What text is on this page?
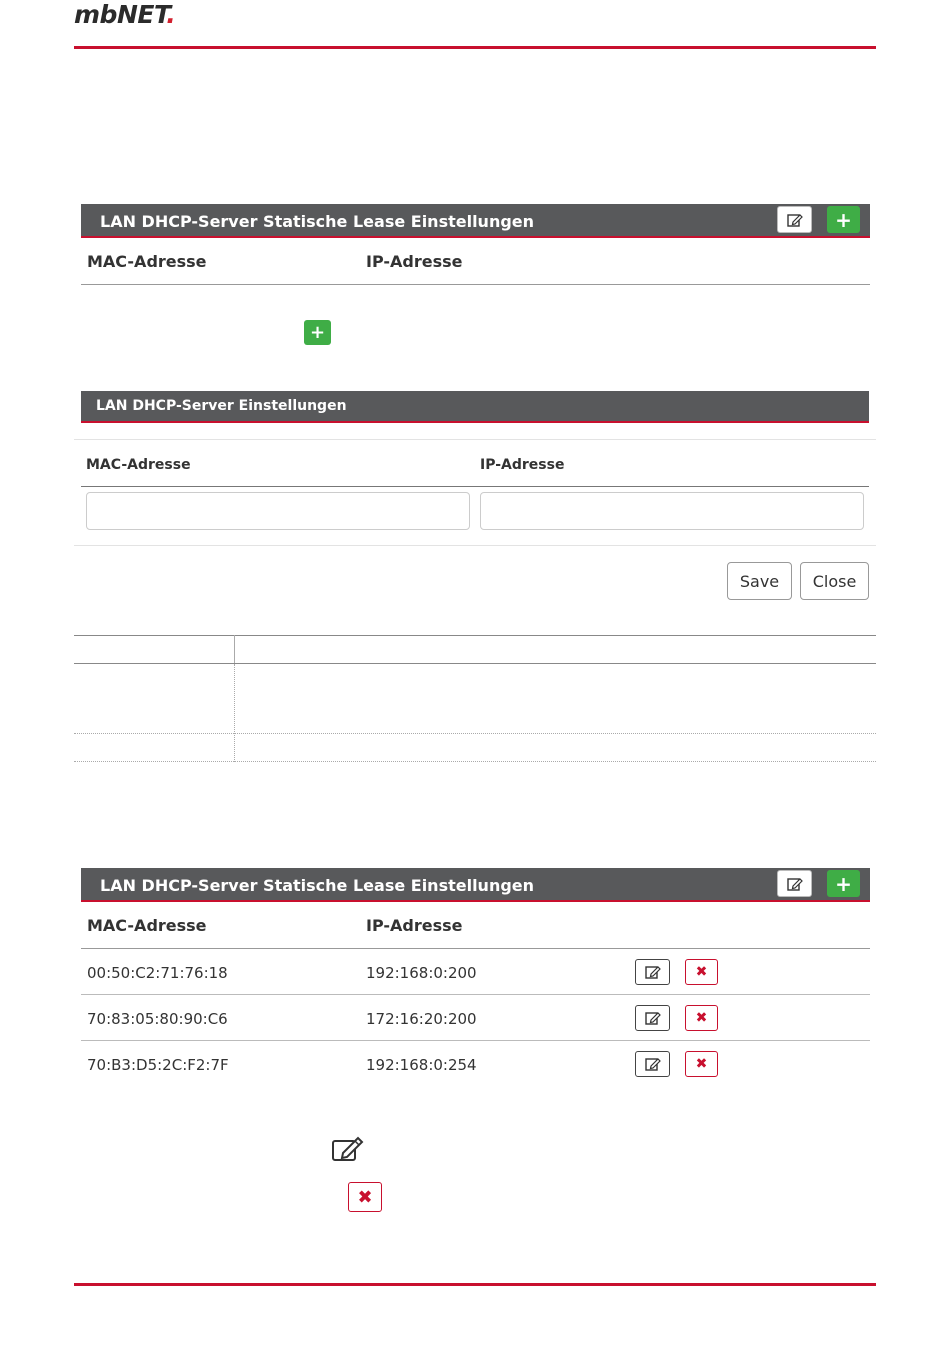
mbNET.
LAN DHCP-Server Statische Lease Einstellungen	+
MAC-Adresse	IP-Adresse
+
LAN DHCP-Server Einstellungen
MAC-Adresse	IP-Adresse
Save	Close
LAN DHCP-Server Statische Lease Einstellungen	+
MAC-Adresse	IP-Adresse
00:50:C2:71:76:18	192:168:0:200	✖
70:83:05:80:90:C6	172:16:20:200	✖
70:B3:D5:2C:F2:7F	192:168:0:254	✖
✖
